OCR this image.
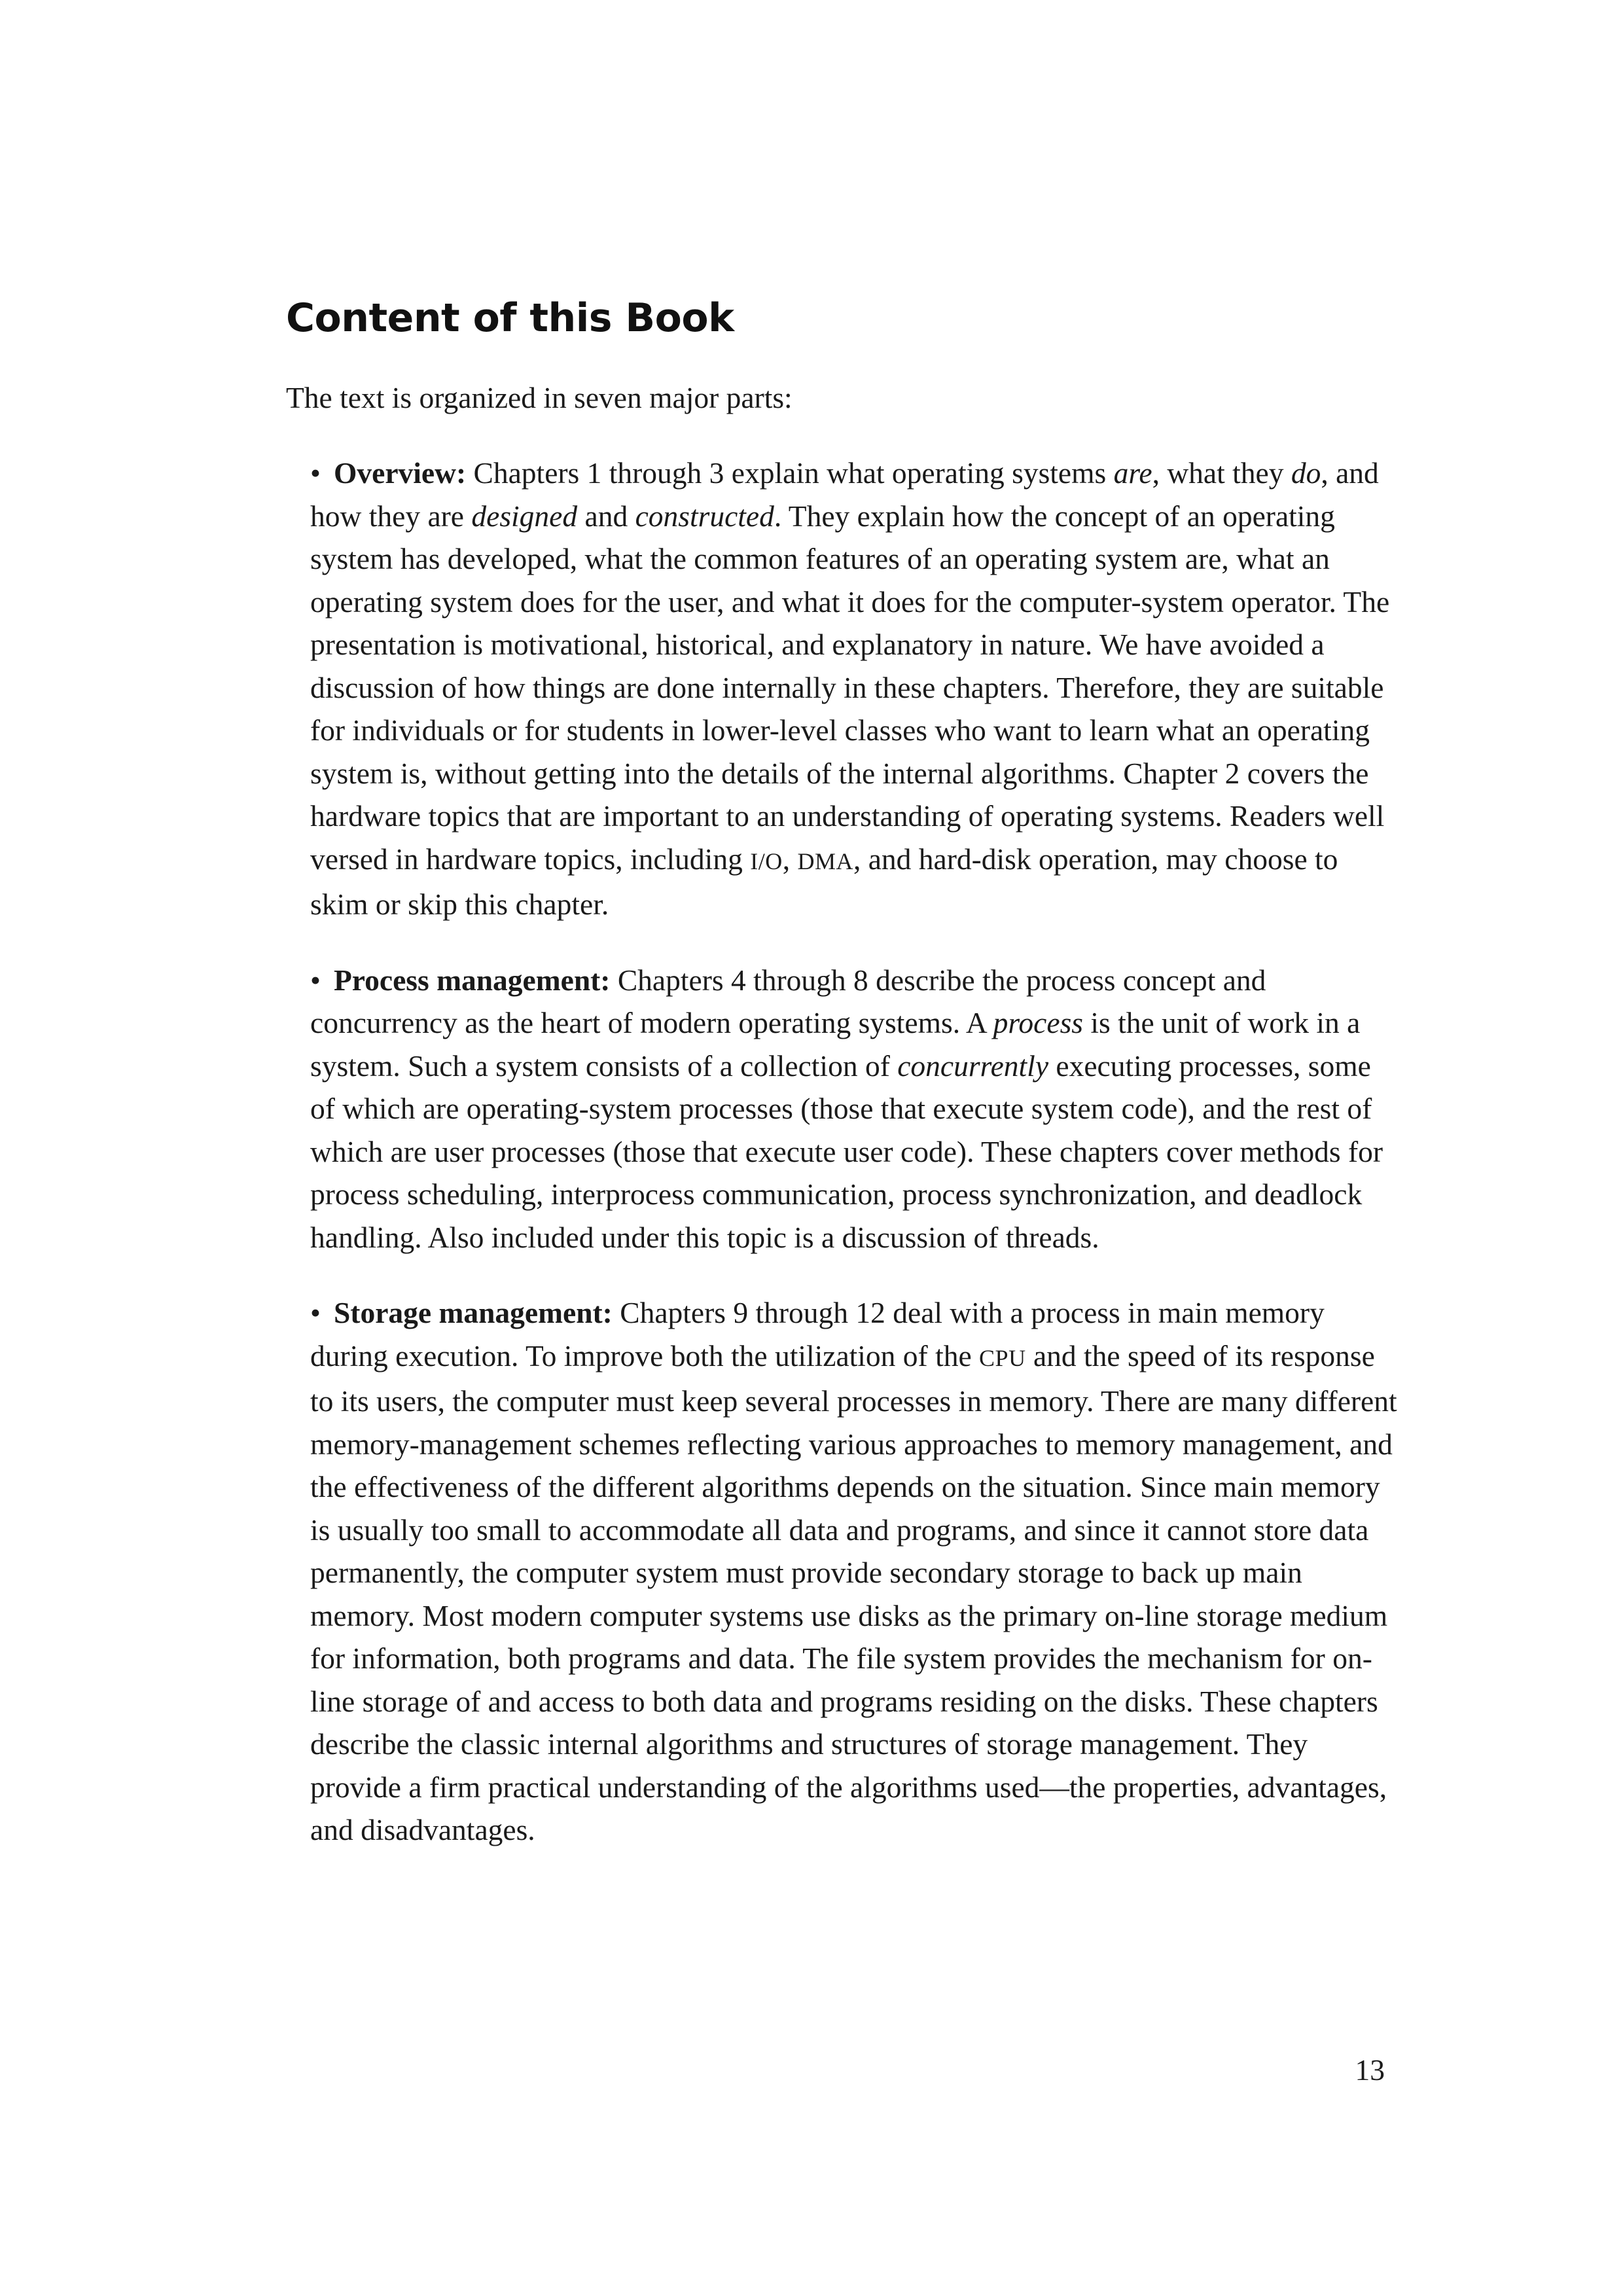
Content of this Book

The text is organized in seven major parts:

• Overview: Chapters 1 through 3 explain what operating systems are, what they do, and how they are designed and constructed. They explain how the concept of an operating system has developed, what the common features of an operating system are, what an operating system does for the user, and what it does for the computer-system operator. The presentation is motivational, historical, and explanatory in nature. We have avoided a discussion of how things are done internally in these chapters. Therefore, they are suitable for individuals or for students in lower-level classes who want to learn what an operating system is, without getting into the details of the internal algorithms. Chapter 2 covers the hardware topics that are important to an understanding of operating systems. Readers well versed in hardware topics, including I/O, DMA, and hard-disk operation, may choose to skim or skip this chapter.
• Process management: Chapters 4 through 8 describe the process concept and concurrency as the heart of modern operating systems. A process is the unit of work in a system. Such a system consists of a collection of concurrently executing processes, some of which are operating-system processes (those that execute system code), and the rest of which are user processes (those that execute user code). These chapters cover methods for process scheduling, interprocess communication, process synchronization, and deadlock handling. Also included under this topic is a discussion of threads.
• Storage management: Chapters 9 through 12 deal with a process in main memory during execution. To improve both the utilization of the CPU and the speed of its response to its users, the computer must keep several processes in memory. There are many different memory-management schemes reflecting various approaches to memory management, and the effectiveness of the different algorithms depends on the situation. Since main memory is usually too small to accommodate all data and programs, and since it cannot store data permanently, the computer system must provide secondary storage to back up main memory. Most modern computer systems use disks as the primary on-line storage medium for information, both programs and data. The file system provides the mechanism for on-line storage of and access to both data and programs residing on the disks. These chapters describe the classic internal algorithms and structures of storage management. They provide a firm practical understanding of the algorithms used—the properties, advantages, and disadvantages.
13
